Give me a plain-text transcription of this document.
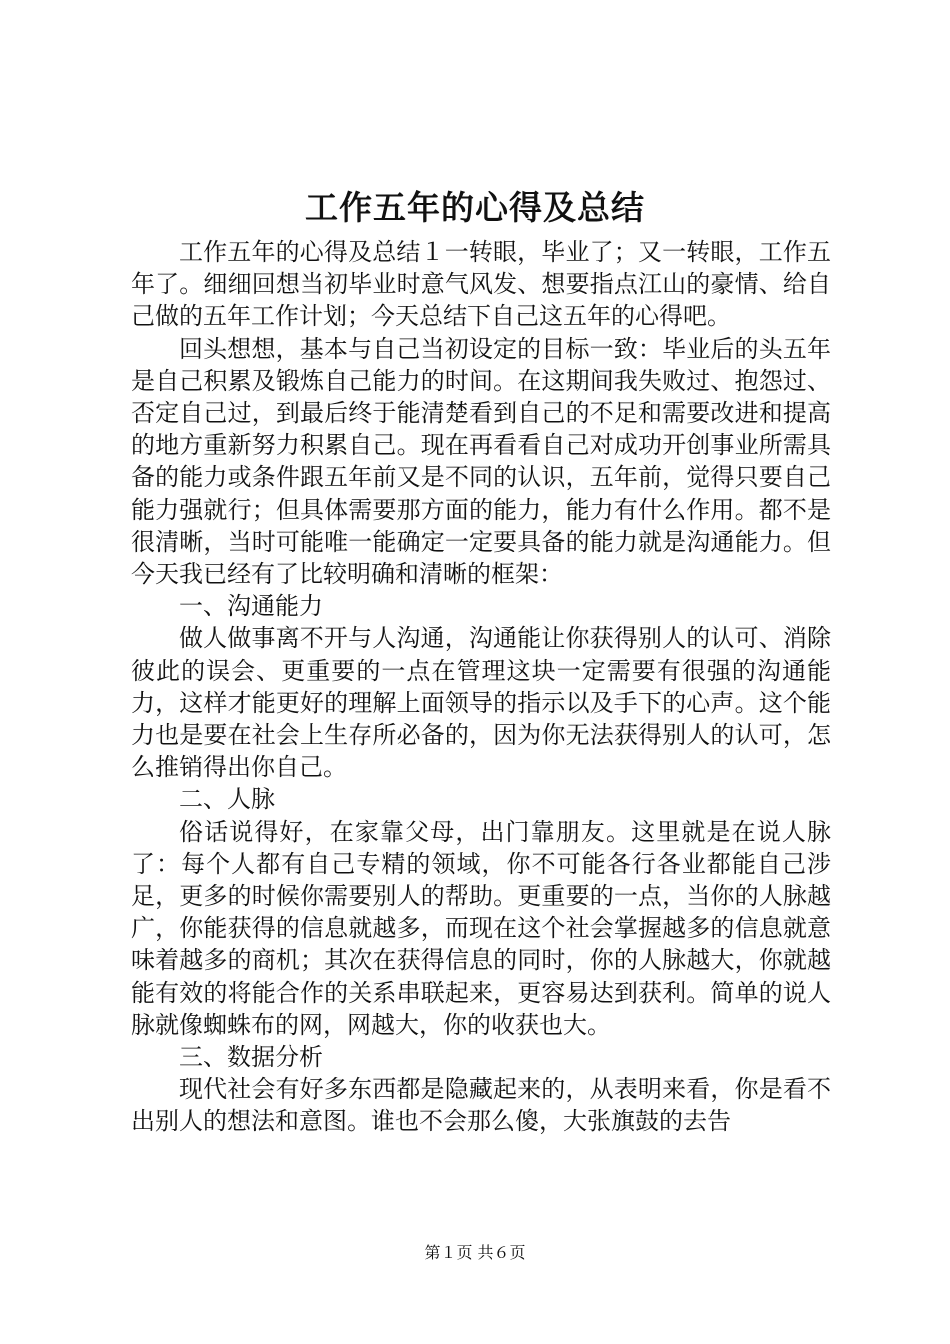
工作五年的心得及总结

工作五年的心得及总结１一转眼，毕业了；又一转眼，工作五年了。细细回想当初毕业时意气风发、想要指点江山的豪情、给自己做的五年工作计划；今天总结下自己这五年的心得吧。

回头想想，基本与自己当初设定的目标一致：毕业后的头五年是自己积累及锻炼自己能力的时间。在这期间我失败过、抱怨过、否定自己过，到最后终于能清楚看到自己的不足和需要改进和提高的地方重新努力积累自己。现在再看看自己对成功开创事业所需具备的能力或条件跟五年前又是不同的认识，五年前，觉得只要自己能力强就行；但具体需要那方面的能力，能力有什么作用。都不是很清晰，当时可能唯一能确定一定要具备的能力就是沟通能力。但今天我已经有了比较明确和清晰的框架：

一、沟通能力

做人做事离不开与人沟通，沟通能让你获得别人的认可、消除彼此的误会、更重要的一点在管理这块一定需要有很强的沟通能力，这样才能更好的理解上面领导的指示以及手下的心声。这个能力也是要在社会上生存所必备的，因为你无法获得别人的认可，怎么推销得出你自己。

二、人脉

俗话说得好，在家靠父母，出门靠朋友。这里就是在说人脉了：每个人都有自己专精的领域，你不可能各行各业都能自己涉足，更多的时候你需要别人的帮助。更重要的一点，当你的人脉越广，你能获得的信息就越多，而现在这个社会掌握越多的信息就意味着越多的商机；其次在获得信息的同时，你的人脉越大，你就越能有效的将能合作的关系串联起来，更容易达到获利。简单的说人脉就像蜘蛛布的网，网越大，你的收获也大。

三、数据分析

现代社会有好多东西都是隐藏起来的，从表明来看，你是看不出别人的想法和意图。谁也不会那么傻，大张旗鼓的去告

第１页 共６页
